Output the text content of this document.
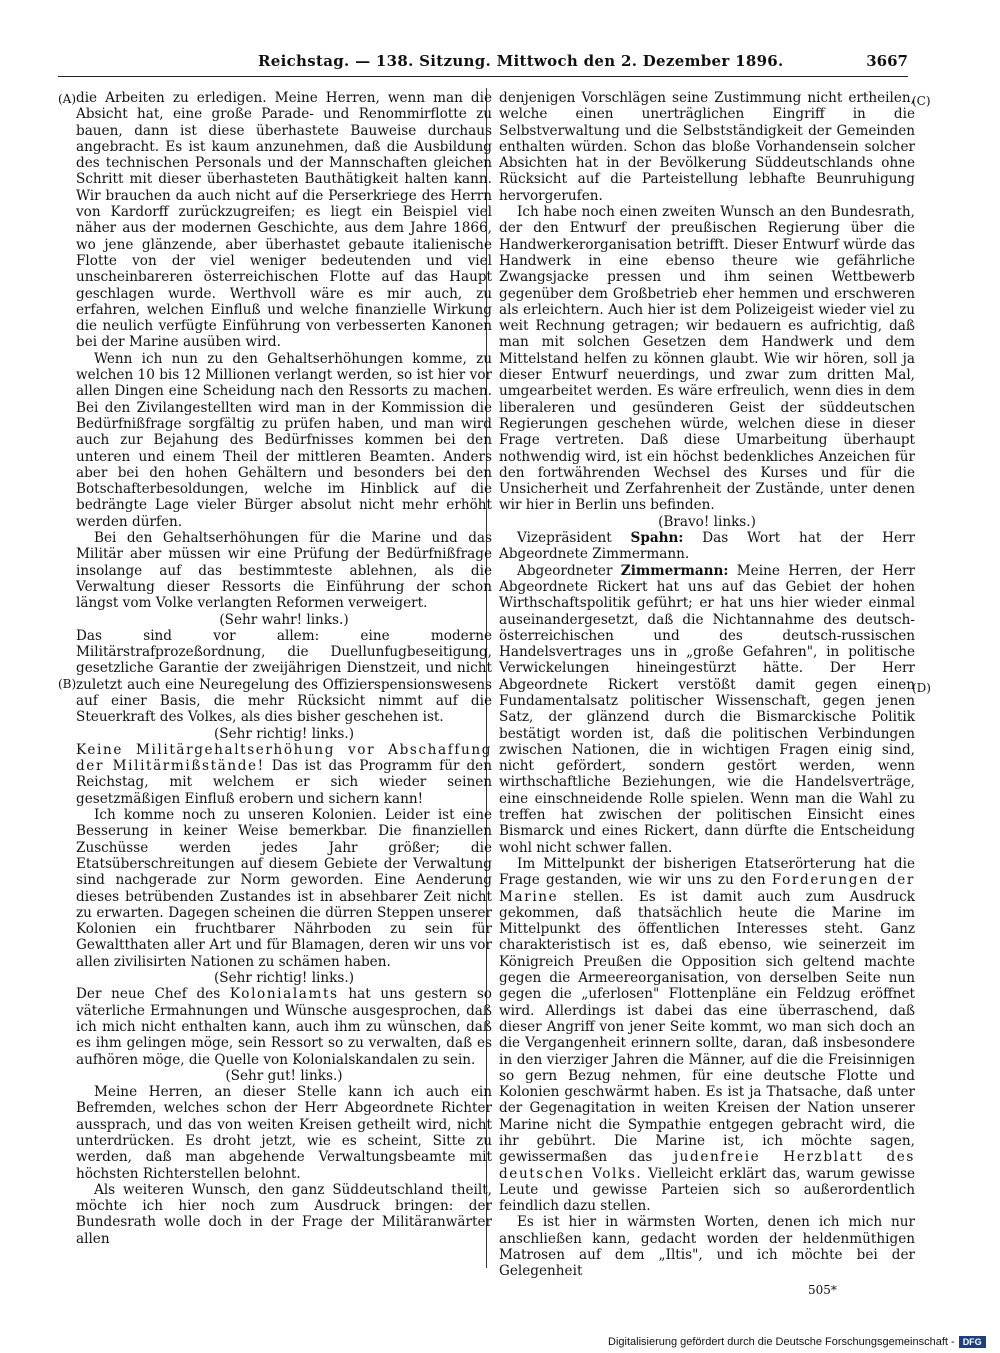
Reichstag. — 138. Sitzung. Mittwoch den 2. Dezember 1896.	3667
(A)
(B)
(C)
(D)

die Arbeiten zu erledigen. Meine Herren, wenn man die Absicht hat, eine große Parade- und Renommirflotte zu bauen, dann ist diese überhastete Bauweise durchaus angebracht. Es ist kaum anzunehmen, daß die Ausbildung des technischen Personals und der Mannschaften gleichen Schritt mit dieser überhasteten Bauthätigkeit halten kann. Wir brauchen da auch nicht auf die Perserkriege des Herrn von Kardorff zurückzugreifen; es liegt ein Beispiel viel näher aus der modernen Geschichte, aus dem Jahre 1866, wo jene glänzende, aber überhastet gebaute italienische Flotte von der viel weniger bedeutenden und viel unscheinbareren österreichischen Flotte auf das Haupt geschlagen wurde. Werthvoll wäre es mir auch, zu erfahren, welchen Einfluß und welche finanzielle Wirkung die neulich verfügte Einführung von verbesserten Kanonen bei der Marine ausüben wird.

Wenn ich nun zu den Gehaltserhöhungen komme, zu welchen 10 bis 12 Millionen verlangt werden, so ist hier vor allen Dingen eine Scheidung nach den Ressorts zu machen. Bei den Zivilangestellten wird man in der Kommission die Bedürfnißfrage sorgfältig zu prüfen haben, und man wird auch zur Bejahung des Bedürfnisses kommen bei den unteren und einem Theil der mittleren Beamten. Anders aber bei den hohen Gehältern und besonders bei den Botschafterbesoldungen, welche im Hinblick auf die bedrängte Lage vieler Bürger absolut nicht mehr erhöht werden dürfen.

Bei den Gehaltserhöhungen für die Marine und das Militär aber müssen wir eine Prüfung der Bedürfnißfrage insolange auf das bestimmteste ablehnen, als die Verwaltung dieser Ressorts die Einführung der schon längst vom Volke verlangten Reformen verweigert.

(Sehr wahr! links.)

Das sind vor allem: eine moderne Militärstrafprozeßordnung, die Duellunfugbeseitigung, gesetzliche Garantie der zweijährigen Dienstzeit, und nicht zuletzt auch eine Neuregelung des Offizierspensionswesens auf einer Basis, die mehr Rücksicht nimmt auf die Steuerkraft des Volkes, als dies bisher geschehen ist.

(Sehr richtig! links.)

Keine Militärgehaltserhöhung vor Abschaffung der Militärmißstände! Das ist das Programm für den Reichstag, mit welchem er sich wieder seinen gesetzmäßigen Einfluß erobern und sichern kann!

Ich komme noch zu unseren Kolonien. Leider ist eine Besserung in keiner Weise bemerkbar. Die finanziellen Zuschüsse werden jedes Jahr größer; die Etatsüberschreitungen auf diesem Gebiete der Verwaltung sind nachgerade zur Norm geworden. Eine Aenderung dieses betrübenden Zustandes ist in absehbarer Zeit nicht zu erwarten. Dagegen scheinen die dürren Steppen unserer Kolonien ein fruchtbarer Nährboden zu sein für Gewaltthaten aller Art und für Blamagen, deren wir uns vor allen zivilisirten Nationen zu schämen haben.

(Sehr richtig! links.)

Der neue Chef des Kolonialamts hat uns gestern so väterliche Ermahnungen und Wünsche ausgesprochen, daß ich mich nicht enthalten kann, auch ihm zu wünschen, daß es ihm gelingen möge, sein Ressort so zu verwalten, daß es aufhören möge, die Quelle von Kolonialskandalen zu sein.

(Sehr gut! links.)

Meine Herren, an dieser Stelle kann ich auch ein Befremden, welches schon der Herr Abgeordnete Richter aussprach, und das von weiten Kreisen getheilt wird, nicht unterdrücken. Es droht jetzt, wie es scheint, Sitte zu werden, daß man abgehende Verwaltungsbeamte mit höchsten Richterstellen belohnt.

Als weiteren Wunsch, den ganz Süddeutschland theilt, möchte ich hier noch zum Ausdruck bringen: der Bundesrath wolle doch in der Frage der Militäranwärter allen

denjenigen Vorschlägen seine Zustimmung nicht ertheilen, welche einen unerträglichen Eingriff in die Selbstverwaltung und die Selbstständigkeit der Gemeinden enthalten würden. Schon das bloße Vorhandensein solcher Absichten hat in der Bevölkerung Süddeutschlands ohne Rücksicht auf die Parteistellung lebhafte Beunruhigung hervorgerufen.

Ich habe noch einen zweiten Wunsch an den Bundesrath, der den Entwurf der preußischen Regierung über die Handwerkerorganisation betrifft. Dieser Entwurf würde das Handwerk in eine ebenso theure wie gefährliche Zwangsjacke pressen und ihm seinen Wettbewerb gegenüber dem Großbetrieb eher hemmen und erschweren als erleichtern. Auch hier ist dem Polizeigeist wieder viel zu weit Rechnung getragen; wir bedauern es aufrichtig, daß man mit solchen Gesetzen dem Handwerk und dem Mittelstand helfen zu können glaubt. Wie wir hören, soll ja dieser Entwurf neuerdings, und zwar zum dritten Mal, umgearbeitet werden. Es wäre erfreulich, wenn dies in dem liberaleren und gesünderen Geist der süddeutschen Regierungen geschehen würde, welchen diese in dieser Frage vertreten. Daß diese Umarbeitung überhaupt nothwendig wird, ist ein höchst bedenkliches Anzeichen für den fortwährenden Wechsel des Kurses und für die Unsicherheit und Zerfahrenheit der Zustände, unter denen wir hier in Berlin uns befinden.

(Bravo! links.)

Vizepräsident Spahn: Das Wort hat der Herr Abgeordnete Zimmermann.

Abgeordneter Zimmermann: Meine Herren, der Herr Abgeordnete Rickert hat uns auf das Gebiet der hohen Wirthschaftspolitik geführt; er hat uns hier wieder einmal auseinandergesetzt, daß die Nichtannahme des deutsch-österreichischen und des deutsch-russischen Handelsvertrages uns in „große Gefahren", in politische Verwickelungen hineingestürzt hätte. Der Herr Abgeordnete Rickert verstößt damit gegen einen Fundamentalsatz politischer Wissenschaft, gegen jenen Satz, der glänzend durch die Bismarckische Politik bestätigt worden ist, daß die politischen Verbindungen zwischen Nationen, die in wichtigen Fragen einig sind, nicht gefördert, sondern gestört werden, wenn wirthschaftliche Beziehungen, wie die Handelsverträge, eine einschneidende Rolle spielen. Wenn man die Wahl zu treffen hat zwischen der politischen Einsicht eines Bismarck und eines Rickert, dann dürfte die Entscheidung wohl nicht schwer fallen.

Im Mittelpunkt der bisherigen Etatserörterung hat die Frage gestanden, wie wir uns zu den Forderungen der Marine stellen. Es ist damit auch zum Ausdruck gekommen, daß thatsächlich heute die Marine im Mittelpunkt des öffentlichen Interesses steht. Ganz charakteristisch ist es, daß ebenso, wie seinerzeit im Königreich Preußen die Opposition sich geltend machte gegen die Armeereorganisation, von derselben Seite nun gegen die „uferlosen" Flottenpläne ein Feldzug eröffnet wird. Allerdings ist dabei das eine überraschend, daß dieser Angriff von jener Seite kommt, wo man sich doch an die Vergangenheit erinnern sollte, daran, daß insbesondere in den vierziger Jahren die Männer, auf die die Freisinnigen so gern Bezug nehmen, für eine deutsche Flotte und Kolonien geschwärmt haben. Es ist ja Thatsache, daß unter der Gegenagitation in weiten Kreisen der Nation unserer Marine nicht die Sympathie entgegen gebracht wird, die ihr gebührt. Die Marine ist, ich möchte sagen, gewissermaßen das judenfreie Herzblatt des deutschen Volks. Vielleicht erklärt das, warum gewisse Leute und gewisse Parteien sich so außerordentlich feindlich dazu stellen.

Es ist hier in wärmsten Worten, denen ich mich nur anschließen kann, gedacht worden der heldenmüthigen Matrosen auf dem „Iltis", und ich möchte bei der Gelegenheit

505*
Digitalisierung gefördert durch die Deutsche Forschungsgemeinschaft - DFG
